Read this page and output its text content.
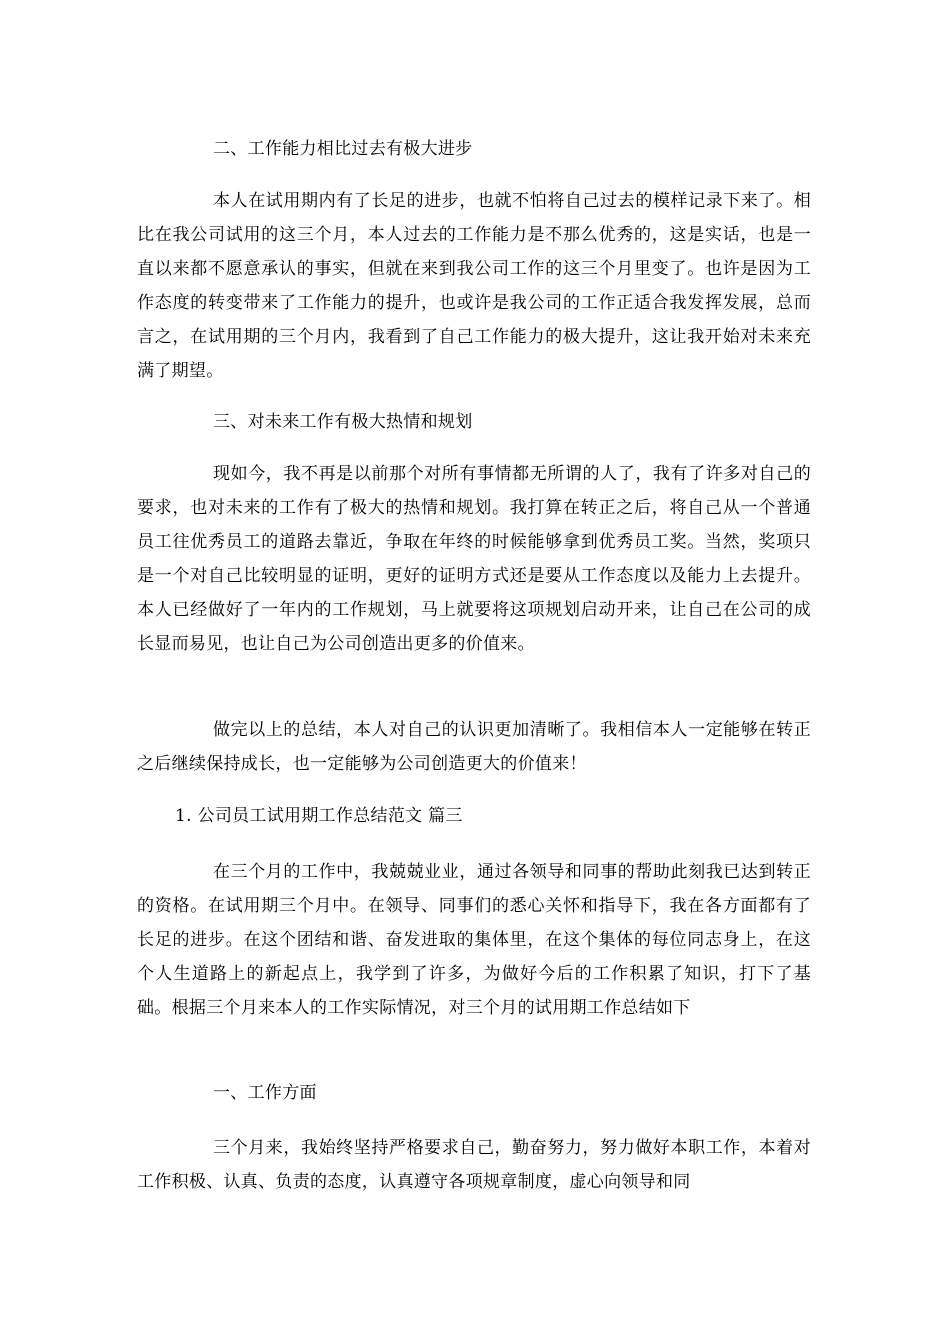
二、工作能力相比过去有极大进步

本人在试用期内有了长足的进步，也就不怕将自己过去的模样记录下来了。相比在我公司试用的这三个月，本人过去的工作能力是不那么优秀的，这是实话，也是一直以来都不愿意承认的事实，但就在来到我公司工作的这三个月里变了。也许是因为工作态度的转变带来了工作能力的提升，也或许是我公司的工作正适合我发挥发展，总而言之，在试用期的三个月内，我看到了自己工作能力的极大提升，这让我开始对未来充满了期望。

三、对未来工作有极大热情和规划

现如今，我不再是以前那个对所有事情都无所谓的人了，我有了许多对自己的要求，也对未来的工作有了极大的热情和规划。我打算在转正之后，将自己从一个普通员工往优秀员工的道路去靠近，争取在年终的时候能够拿到优秀员工奖。当然，奖项只是一个对自己比较明显的证明，更好的证明方式还是要从工作态度以及能力上去提升。本人已经做好了一年内的工作规划，马上就要将这项规划启动开来，让自己在公司的成长显而易见，也让自己为公司创造出更多的价值来。

做完以上的总结，本人对自己的认识更加清晰了。我相信本人一定能够在转正之后继续保持成长，也一定能够为公司创造更大的价值来！

1. 公司员工试用期工作总结范文 篇三

在三个月的工作中，我兢兢业业，通过各领导和同事的帮助此刻我已达到转正的资格。在试用期三个月中。在领导、同事们的悉心关怀和指导下，我在各方面都有了长足的进步。在这个团结和谐、奋发进取的集体里，在这个集体的每位同志身上，在这个人生道路上的新起点上，我学到了许多，为做好今后的工作积累了知识，打下了基础。根据三个月来本人的工作实际情况，对三个月的试用期工作总结如下

一、工作方面

三个月来，我始终坚持严格要求自己，勤奋努力，努力做好本职工作，本着对工作积极、认真、负责的态度，认真遵守各项规章制度，虚心向领导和同
